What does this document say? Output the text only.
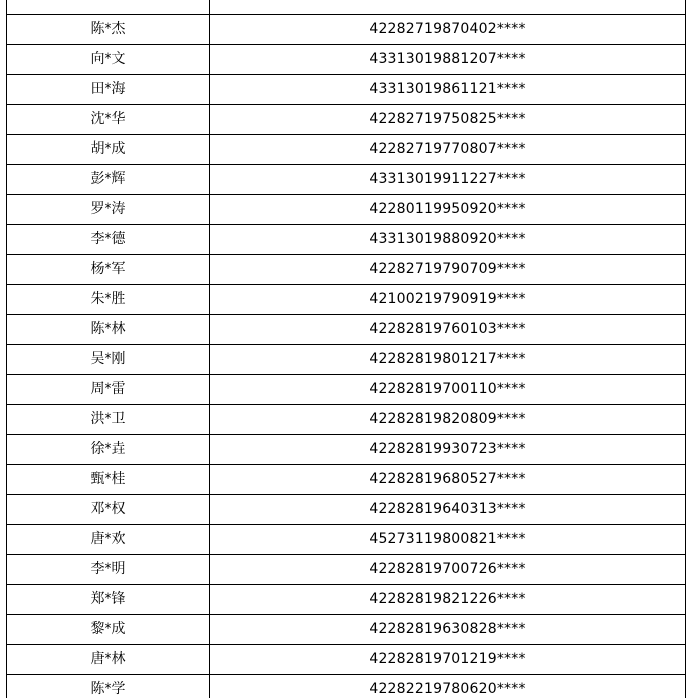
陈*杰	42282719870402****
向*文	43313019881207****
田*海	43313019861121****
沈*华	42282719750825****
胡*成	42282719770807****
彭*辉	43313019911227****
罗*涛	42280119950920****
李*德	43313019880920****
杨*军	42282719790709****
朱*胜	42100219790919****
陈*林	42282819760103****
吴*刚	42282819801217****
周*雷	42282819700110****
洪*卫	42282819820809****
徐*垚	42282819930723****
甄*桂	42282819680527****
邓*权	42282819640313****
唐*欢	45273119800821****
李*明	42282819700726****
郑*锋	42282819821226****
黎*成	42282819630828****
唐*林	42282819701219****
陈*学	42282219780620****
